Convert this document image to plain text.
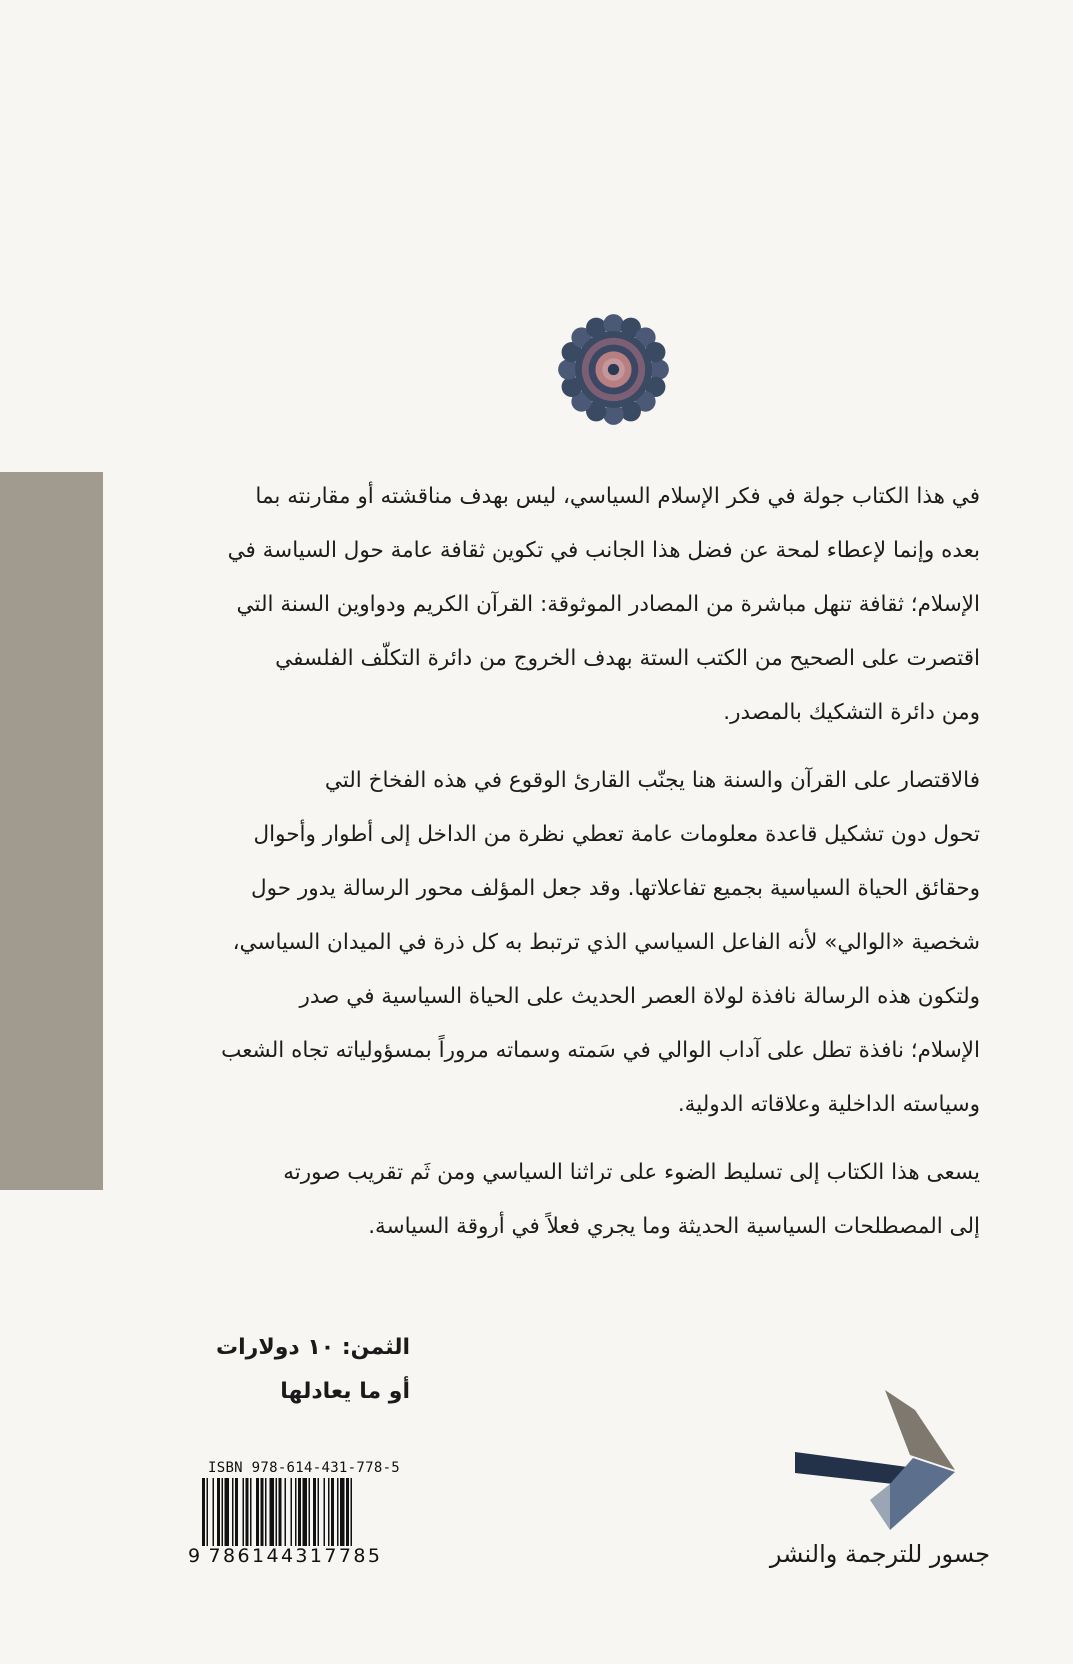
في هذا الكتاب جولة في فكر الإسلام السياسي، ليس بهدف مناقشته أو مقارنته بما
بعده وإنما لإعطاء لمحة عن فضل هذا الجانب في تكوين ثقافة عامة حول السياسة في
الإسلام؛ ثقافة تنهل مباشرة من المصادر الموثوقة: القرآن الكريم ودواوين السنة التي
اقتصرت على الصحيح من الكتب الستة بهدف الخروج من دائرة التكلّف الفلسفي
ومن دائرة التشكيك بالمصدر.
فالاقتصار على القرآن والسنة هنا يجنّب القارئ الوقوع في هذه الفخاخ التي
تحول دون تشكيل قاعدة معلومات عامة تعطي نظرة من الداخل إلى أطوار وأحوال
وحقائق الحياة السياسية بجميع تفاعلاتها. وقد جعل المؤلف محور الرسالة يدور حول
شخصية «الوالي» لأنه الفاعل السياسي الذي ترتبط به كل ذرة في الميدان السياسي،
ولتكون هذه الرسالة نافذة لولاة العصر الحديث على الحياة السياسية في صدر
الإسلام؛ نافذة تطل على آداب الوالي في سَمته وسماته مروراً بمسؤولياته تجاه الشعب
وسياسته الداخلية وعلاقاته الدولية.
يسعى هذا الكتاب إلى تسليط الضوء على تراثنا السياسي ومن ثَم تقريب صورته
إلى المصطلحات السياسية الحديثة وما يجري فعلاً في أروقة السياسة.
الثمن: ١٠ دولارات
أو ما يعادلها
ISBN 978-614-431-778-5
9 786144317785	جسور للترجمة والنشر
